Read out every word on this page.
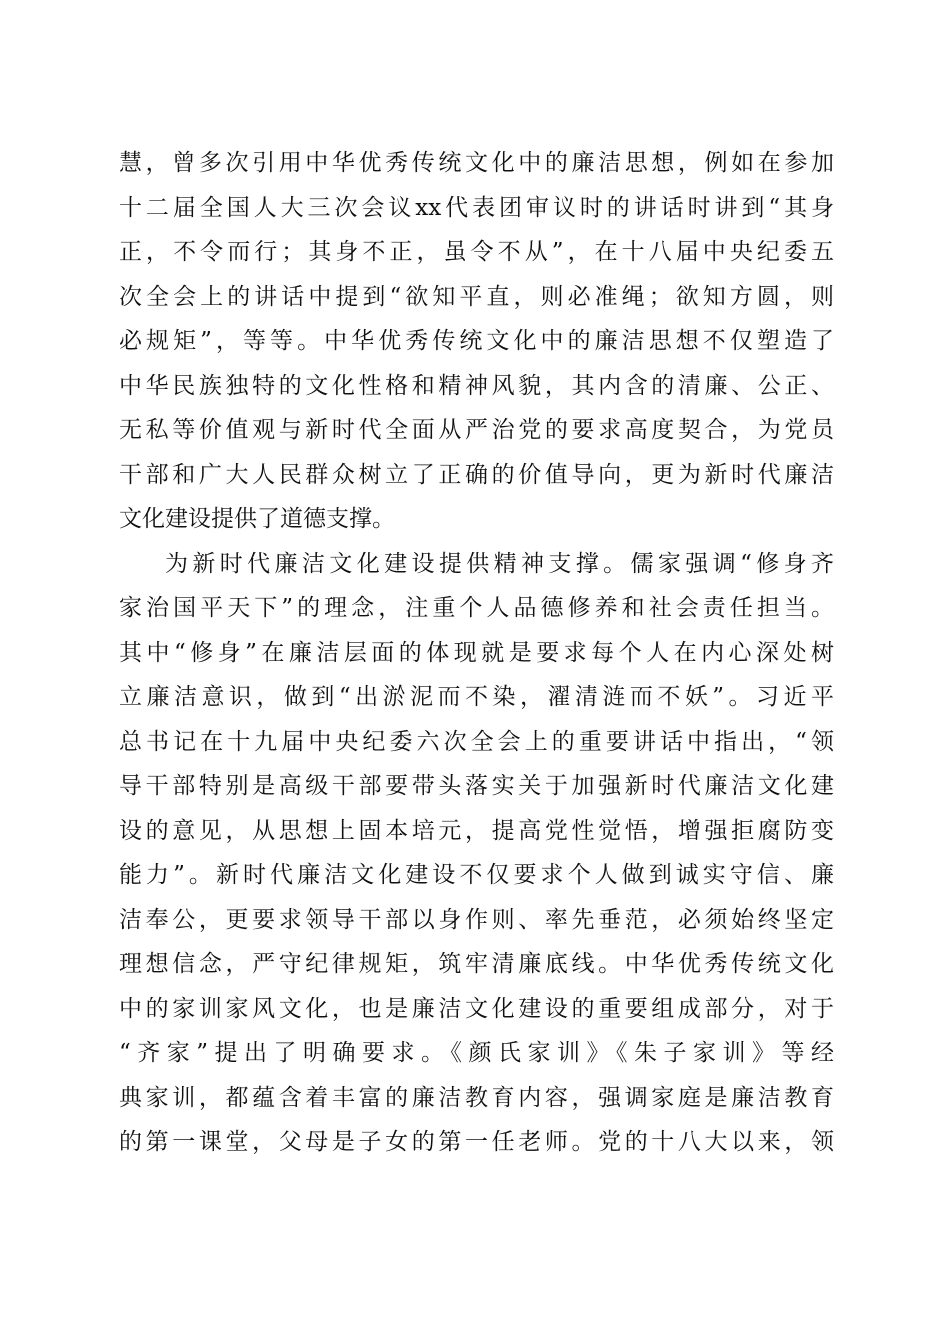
慧，曾多次引用中华优秀传统文化中的廉洁思想，例如在参加
十二届全国人大三次会议xx代表团审议时的讲话时讲到“其身
正，不令而行；其身不正，虽令不从”，在十八届中央纪委五
次全会上的讲话中提到“欲知平直，则必准绳；欲知方圆，则
必规矩”，等等。中华优秀传统文化中的廉洁思想不仅塑造了
中华民族独特的文化性格和精神风貌，其内含的清廉、公正、
无私等价值观与新时代全面从严治党的要求高度契合，为党员
干部和广大人民群众树立了正确的价值导向，更为新时代廉洁
文化建设提供了道德支撑。
为新时代廉洁文化建设提供精神支撑。儒家强调“修身齐
家治国平天下”的理念，注重个人品德修养和社会责任担当。
其中“修身”在廉洁层面的体现就是要求每个人在内心深处树
立廉洁意识，做到“出淤泥而不染，濯清涟而不妖”。习近平
总书记在十九届中央纪委六次全会上的重要讲话中指出，“领
导干部特别是高级干部要带头落实关于加强新时代廉洁文化建
设的意见，从思想上固本培元，提高党性觉悟，增强拒腐防变
能力”。新时代廉洁文化建设不仅要求个人做到诚实守信、廉
洁奉公，更要求领导干部以身作则、率先垂范，必须始终坚定
理想信念，严守纪律规矩，筑牢清廉底线。中华优秀传统文化
中的家训家风文化，也是廉洁文化建设的重要组成部分，对于
“齐家”提出了明确要求。《颜氏家训》《朱子家训》等经
典家训，都蕴含着丰富的廉洁教育内容，强调家庭是廉洁教育
的第一课堂，父母是子女的第一任老师。党的十八大以来，领
